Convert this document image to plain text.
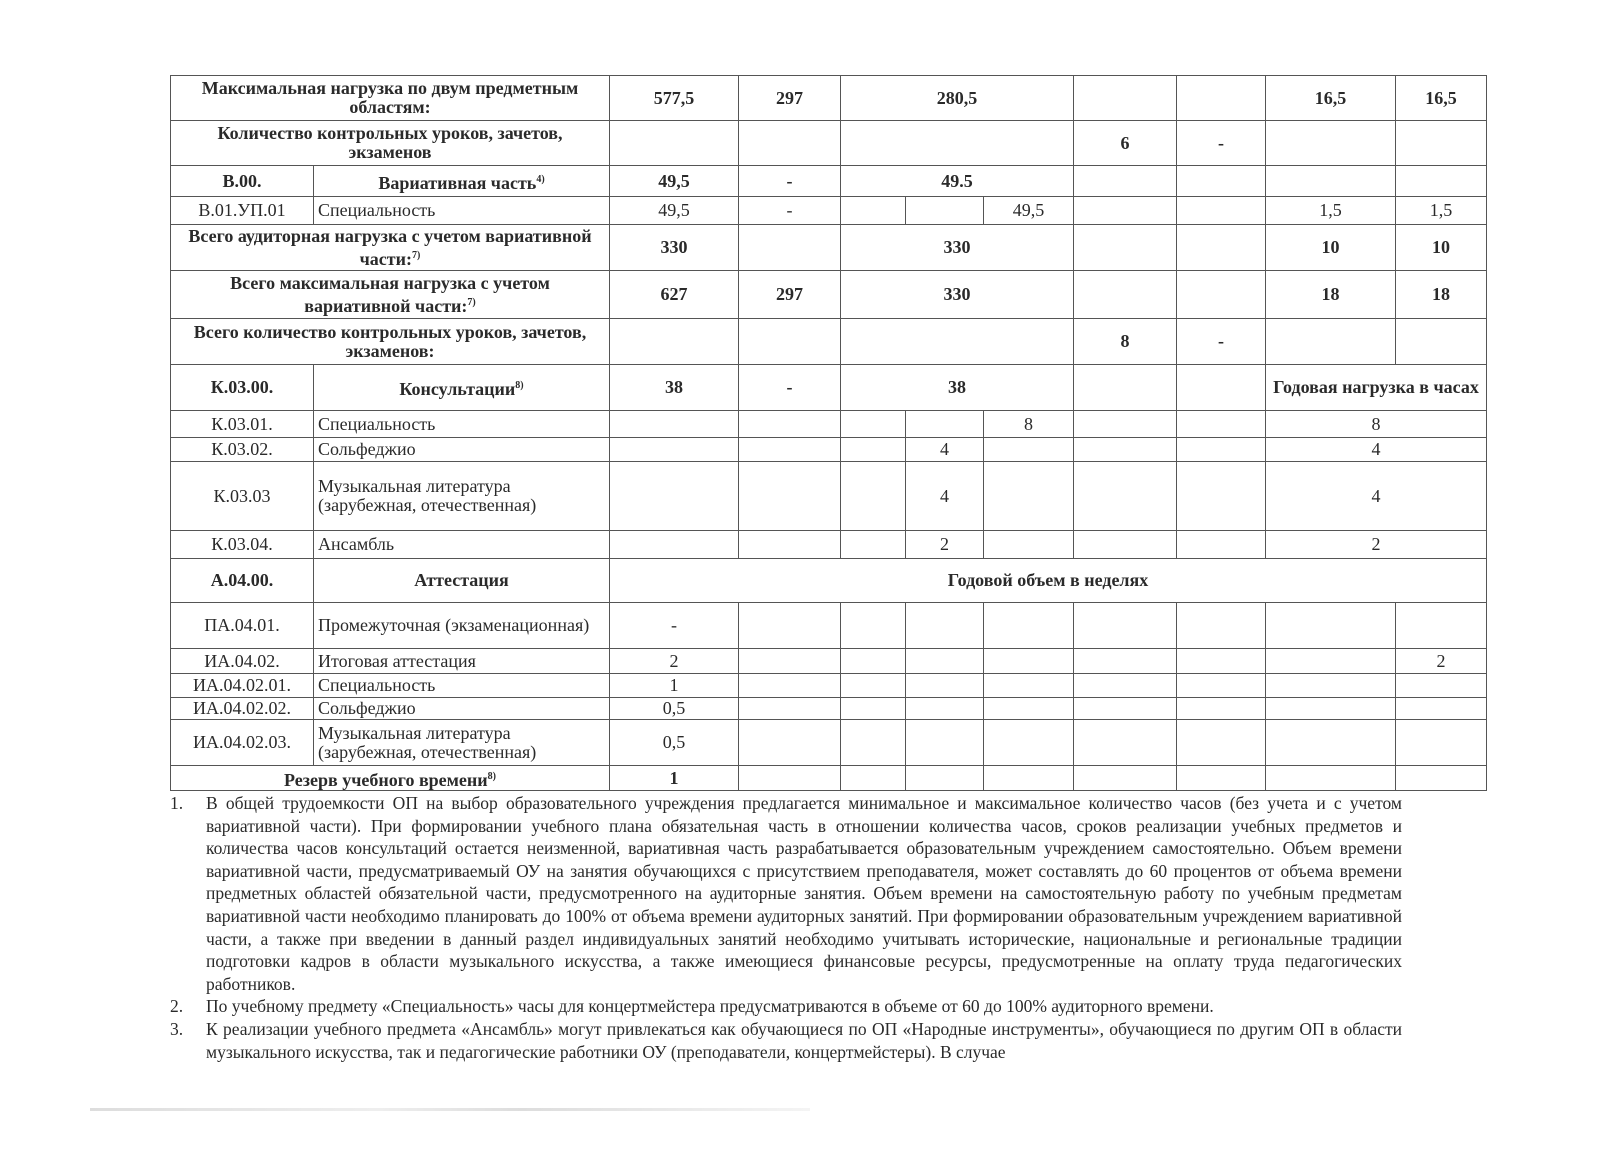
Максимальная нагрузка по двум предметным областям:		577,5	297	280,5					16,5	16,5
Количество контрольных уроков, зачетов, экзаменов							6	-		
В.00.	Вариативная часть$^{4)}$	49,5	-	49.5						
В.01.УП.01	Специальность	49,5	-			49,5			1,5	1,5
Всего аудиторная нагрузка с учетом вариативной части:$^{7)}$		330		330					10	10
Всего максимальная нагрузка с учетом вариативной части:$^{7)}$		627	297	330					18	18
Всего количество контрольных уроков, зачетов, экзаменов:							8	-		
К.03.00.	Консультации$^{8)}$	38	-	38					Годовая нагрузка в часах	
К.03.01.	Специальность					8			8	
К.03.02.	Сольфеджио				4				4	
К.03.03	Музыкальная литература (зарубежная, отечественная)				4				4	
К.03.04.	Ансамбль				2				2	
А.04.00.	Аттестация	Годовой объем в неделях								
ПА.04.01.	Промежуточная (экзаменационная)	-								
ИА.04.02.	Итоговая аттестация	2								2
ИА.04.02.01.	Специальность	1								
ИА.04.02.02.	Сольфеджио	0,5								
ИА.04.02.03.	Музыкальная литература (зарубежная, отечественная)	0,5								
Резерв учебного времени$^{8)}$		1								
1.	В общей трудоемкости ОП на выбор образовательного учреждения предлагается минимальное и максимальное количество часов (без учета и с учетом вариативной части). При формировании учебного плана обязательная часть в отношении количества часов, сроков реализации учебных предметов и количества часов консультаций остается неизменной, вариативная часть разрабатывается образовательным учреждением самостоятельно. Объем времени вариативной части, предусматриваемый ОУ на занятия обучающихся с присутствием преподавателя, может составлять до 60 процентов от объема времени предметных областей обязательной части, предусмотренного на аудиторные занятия. Объем времени на самостоятельную работу по учебным предметам вариативной части необходимо планировать до 100% от объема времени аудиторных занятий. При формировании образовательным учреждением вариативной части, а также при введении в данный раздел индивидуальных занятий необходимо учитывать исторические, национальные и региональные традиции подготовки кадров в области музыкального искусства, а также имеющиеся финансовые ресурсы, предусмотренные на оплату труда педагогических работников.
2.	По учебному предмету «Специальность» часы для концертмейстера предусматриваются в объеме от 60 до 100% аудиторного времени.
3.	К реализации учебного предмета «Ансамбль» могут привлекаться как обучающиеся по ОП «Народные инструменты», обучающиеся по другим ОП в области музыкального искусства, так и педагогические работники ОУ (преподаватели, концертмейстеры). В случае
